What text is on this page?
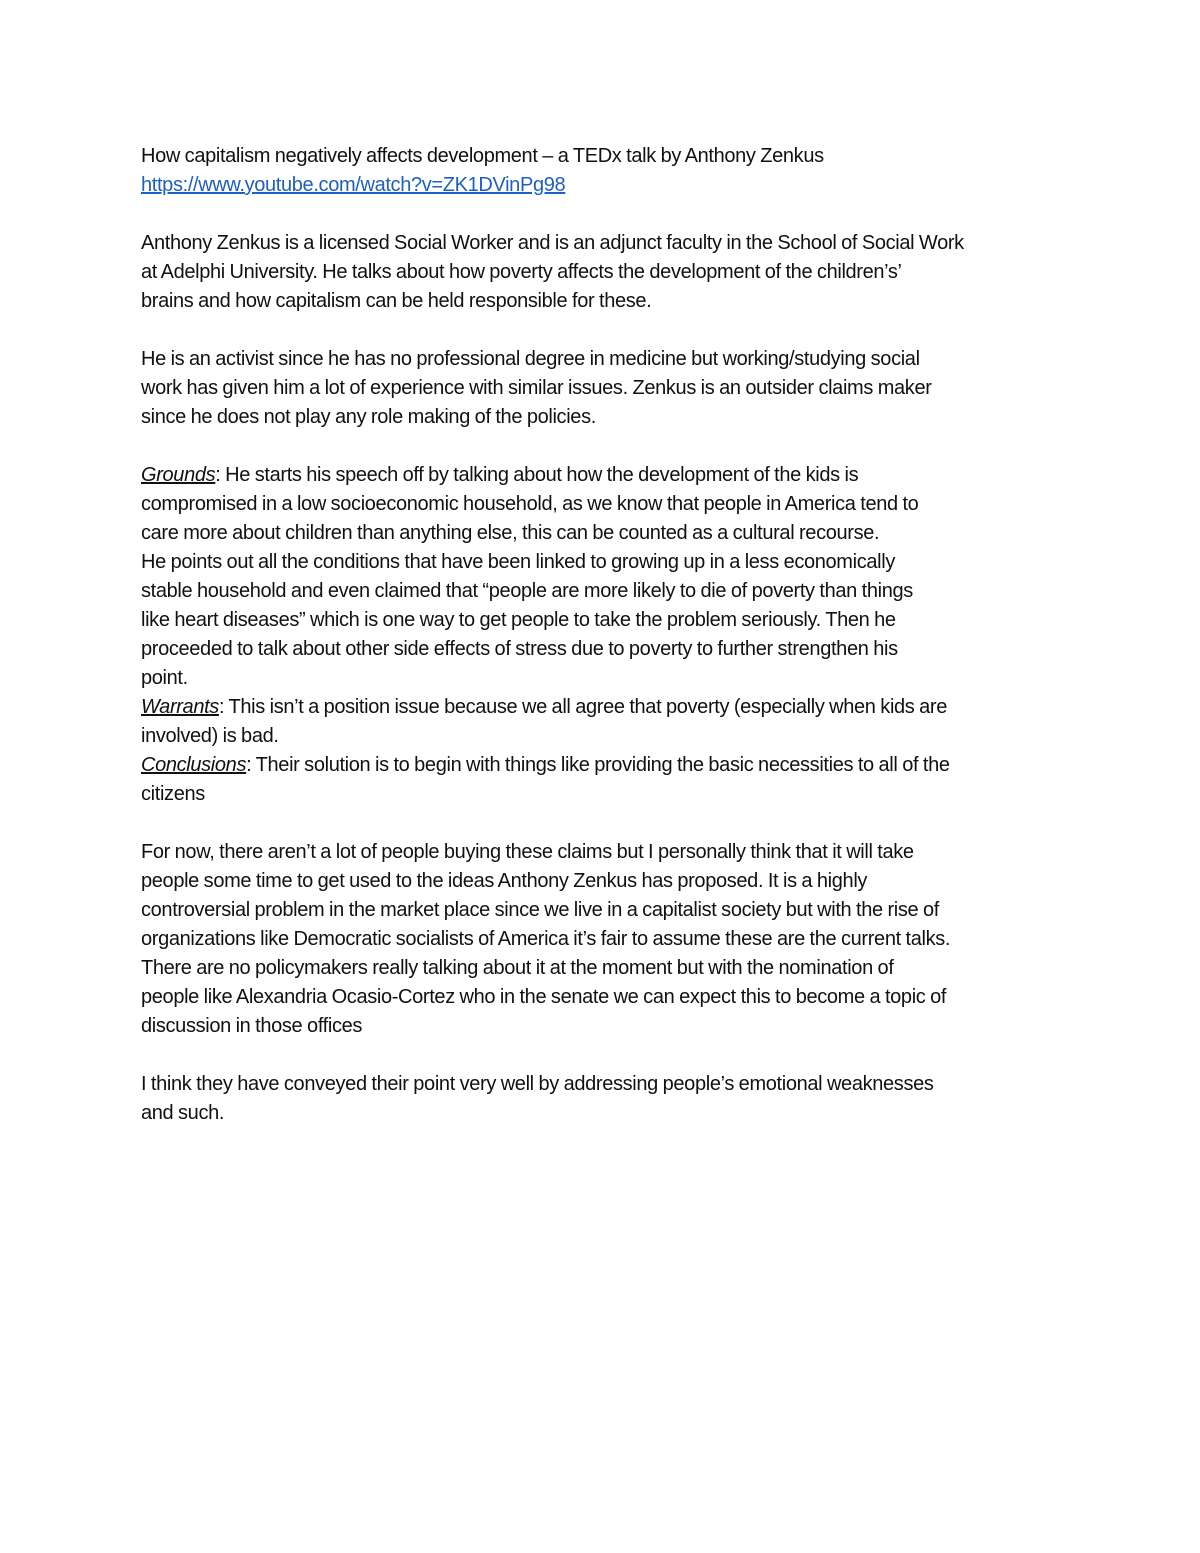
How capitalism negatively affects development – a TEDx talk by Anthony Zenkus
https://www.youtube.com/watch?v=ZK1DVinPg98
Anthony Zenkus is a licensed Social Worker and is an adjunct faculty in the School of Social Work
at Adelphi University. He talks about how poverty affects the development of the children’s’
brains and how capitalism can be held responsible for these.
He is an activist since he has no professional degree in medicine but working/studying social
work has given him a lot of experience with similar issues. Zenkus is an outsider claims maker
since he does not play any role making of the policies.
Grounds: He starts his speech off by talking about how the development of the kids is
compromised in a low socioeconomic household, as we know that people in America tend to
care more about children than anything else, this can be counted as a cultural recourse.
He points out all the conditions that have been linked to growing up in a less economically
stable household and even claimed that “people are more likely to die of poverty than things
like heart diseases” which is one way to get people to take the problem seriously. Then he
proceeded to talk about other side effects of stress due to poverty to further strengthen his
point.
Warrants: This isn’t a position issue because we all agree that poverty (especially when kids are
involved) is bad.
Conclusions: Their solution is to begin with things like providing the basic necessities to all of the
citizens
For now, there aren’t a lot of people buying these claims but I personally think that it will take
people some time to get used to the ideas Anthony Zenkus has proposed. It is a highly
controversial problem in the market place since we live in a capitalist society but with the rise of
organizations like Democratic socialists of America it’s fair to assume these are the current talks.
There are no policymakers really talking about it at the moment but with the nomination of
people like Alexandria Ocasio-Cortez who in the senate we can expect this to become a topic of
discussion in those offices
I think they have conveyed their point very well by addressing people’s emotional weaknesses
and such.
